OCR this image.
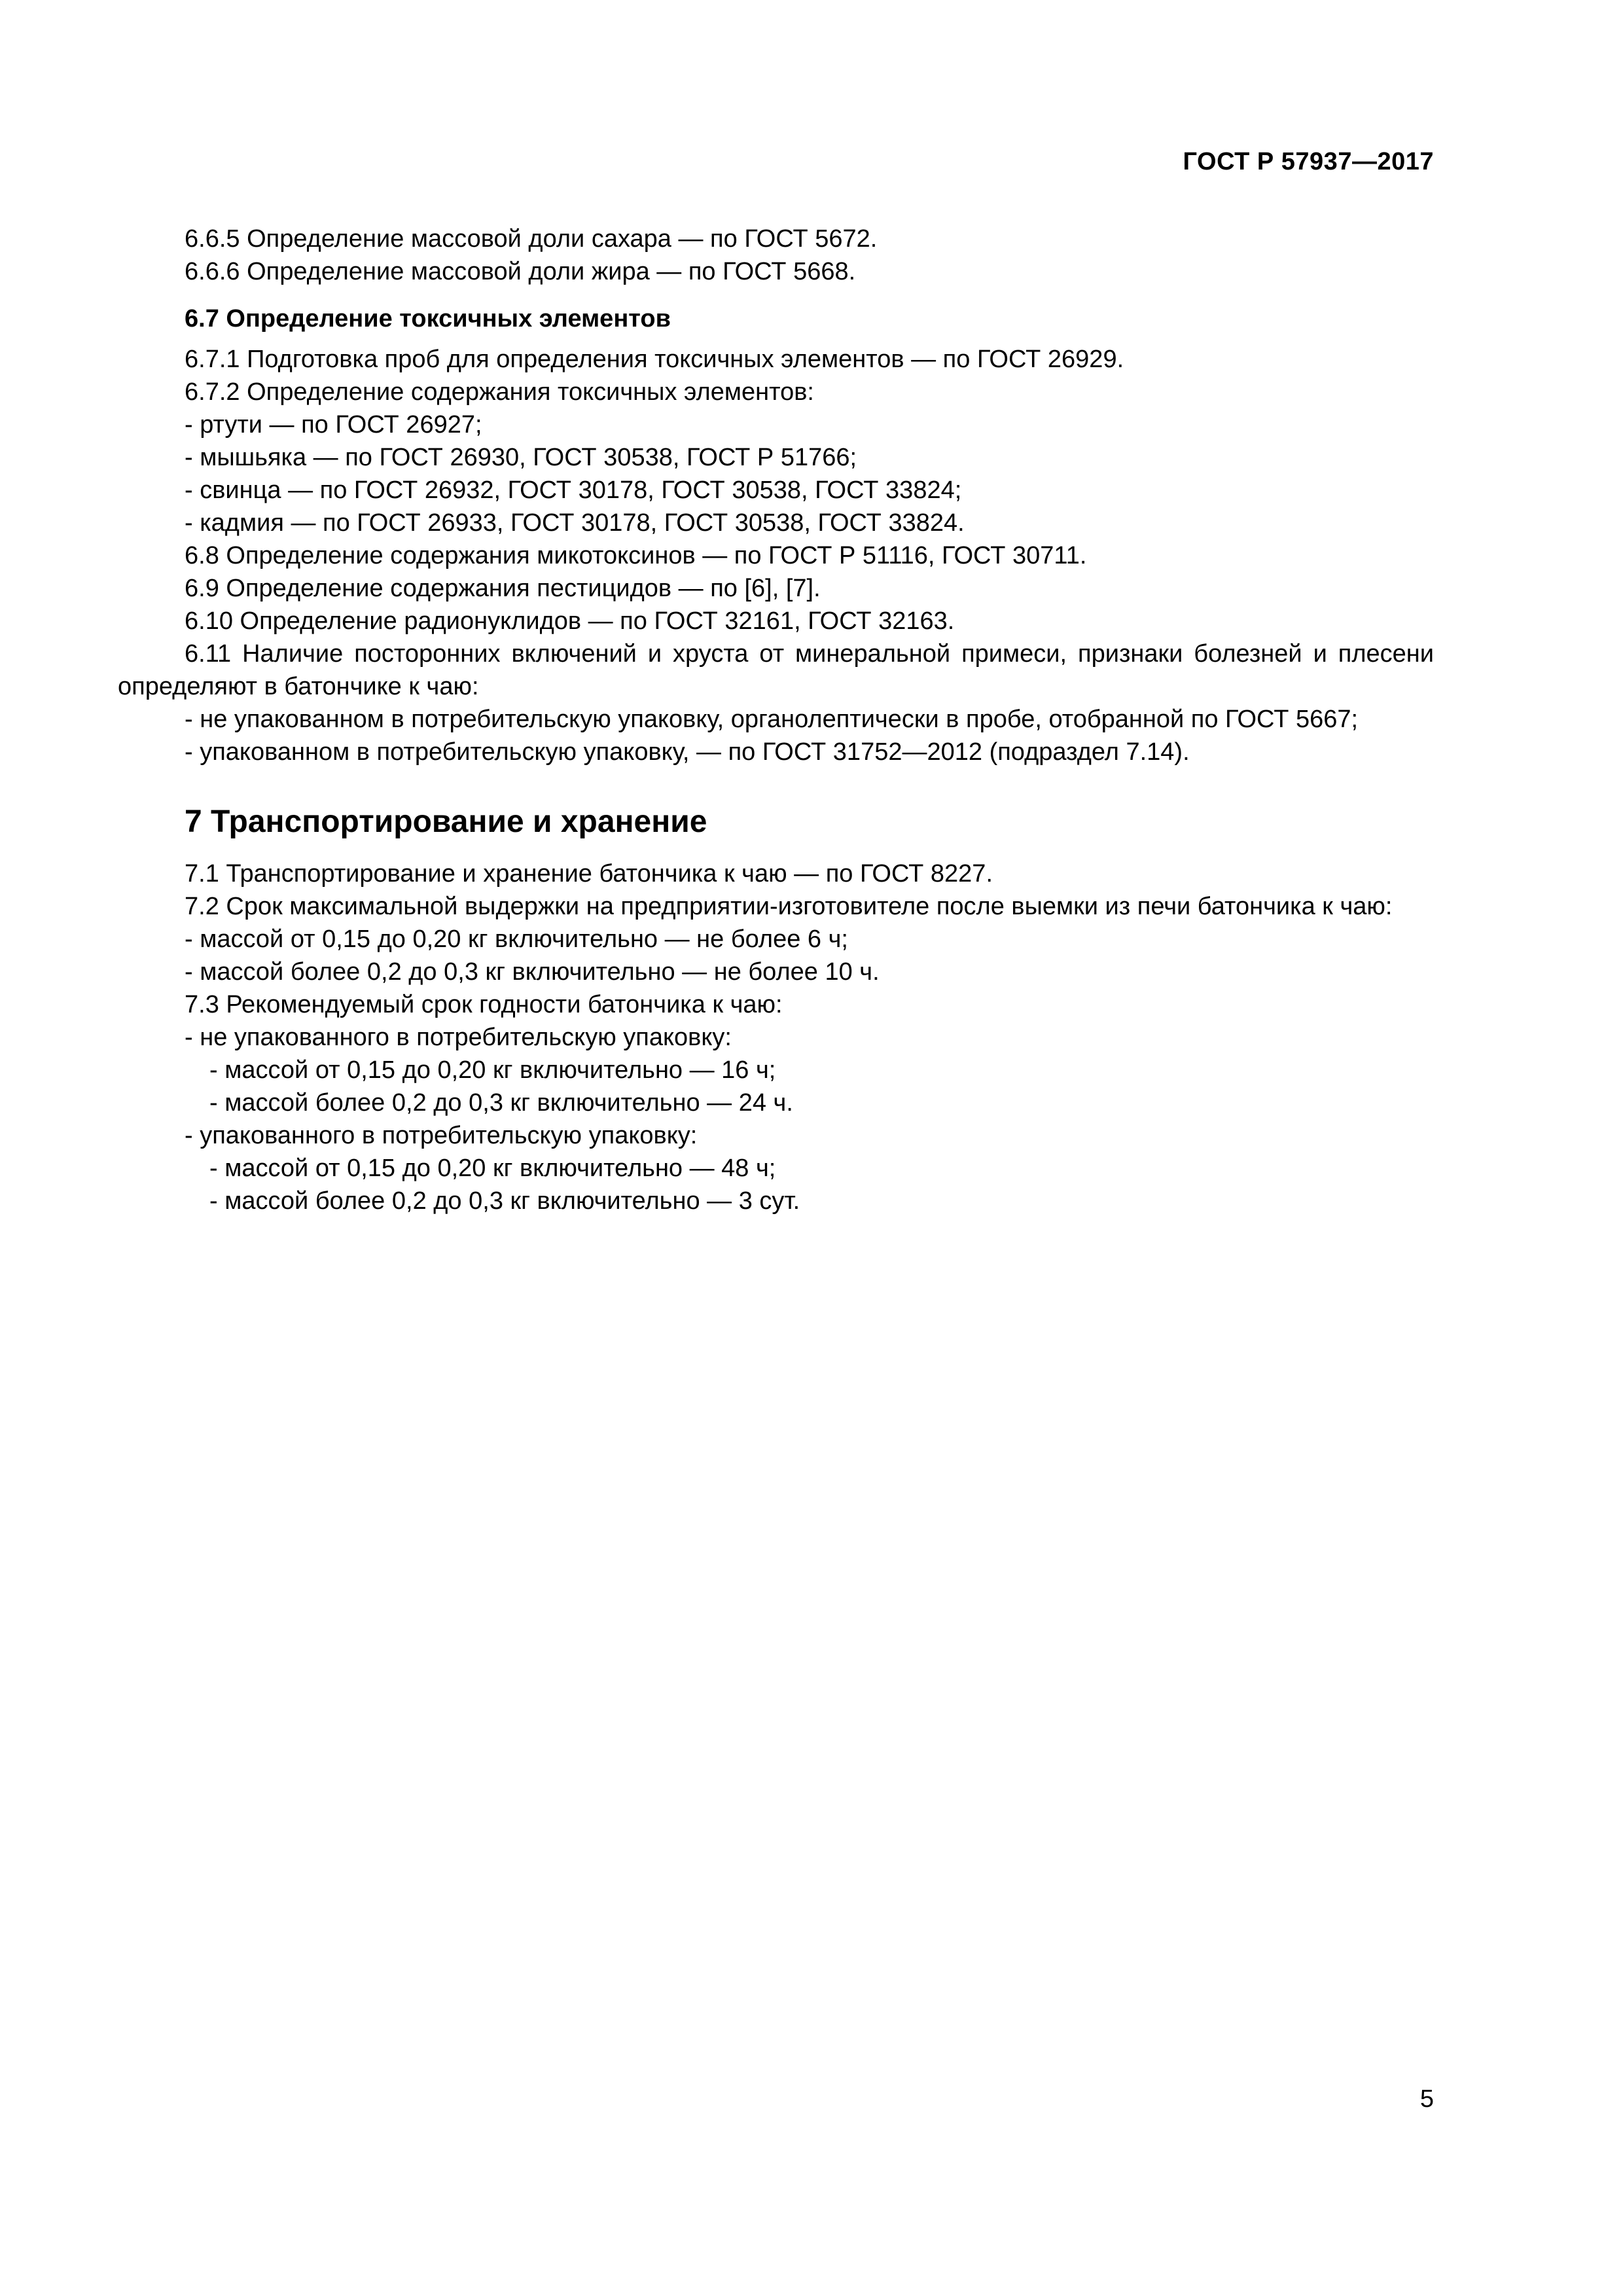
ГОСТ Р 57937—2017

6.6.5 Определение массовой доли сахара — по ГОСТ 5672.

6.6.6 Определение массовой доли жира — по ГОСТ 5668.

6.7 Определение токсичных элементов

6.7.1 Подготовка проб для определения токсичных элементов — по ГОСТ 26929.

6.7.2 Определение содержания токсичных элементов:

- ртути — по ГОСТ 26927;

- мышьяка — по ГОСТ 26930, ГОСТ 30538, ГОСТ Р 51766;

- свинца — по ГОСТ 26932, ГОСТ 30178, ГОСТ 30538, ГОСТ 33824;

- кадмия — по ГОСТ 26933, ГОСТ 30178, ГОСТ 30538, ГОСТ 33824.

6.8 Определение содержания микотоксинов — по ГОСТ Р 51116, ГОСТ 30711.

6.9 Определение содержания пестицидов — по [6], [7].

6.10 Определение радионуклидов — по ГОСТ 32161, ГОСТ 32163.

6.11 Наличие посторонних включений и хруста от минеральной примеси, признаки болезней и плесени определяют в батончике к чаю:

- не упакованном в потребительскую упаковку, органолептически в пробе, отобранной по ГОСТ 5667;

- упакованном в потребительскую упаковку, — по ГОСТ 31752—2012 (подраздел 7.14).

7 Транспортирование и хранение

7.1 Транспортирование и хранение батончика к чаю — по ГОСТ 8227.

7.2 Срок максимальной выдержки на предприятии-изготовителе после выемки из печи батончика к чаю:

- массой от 0,15 до 0,20 кг включительно — не более 6 ч;

- массой более 0,2 до 0,3 кг включительно — не более 10 ч.

7.3 Рекомендуемый срок годности батончика к чаю:

- не упакованного в потребительскую упаковку:

- массой от 0,15 до 0,20 кг включительно — 16 ч;

- массой более 0,2 до 0,3 кг включительно — 24 ч.

- упакованного в потребительскую упаковку:

- массой от 0,15 до 0,20 кг включительно — 48 ч;

- массой более 0,2 до 0,3 кг включительно — 3 сут.

5
